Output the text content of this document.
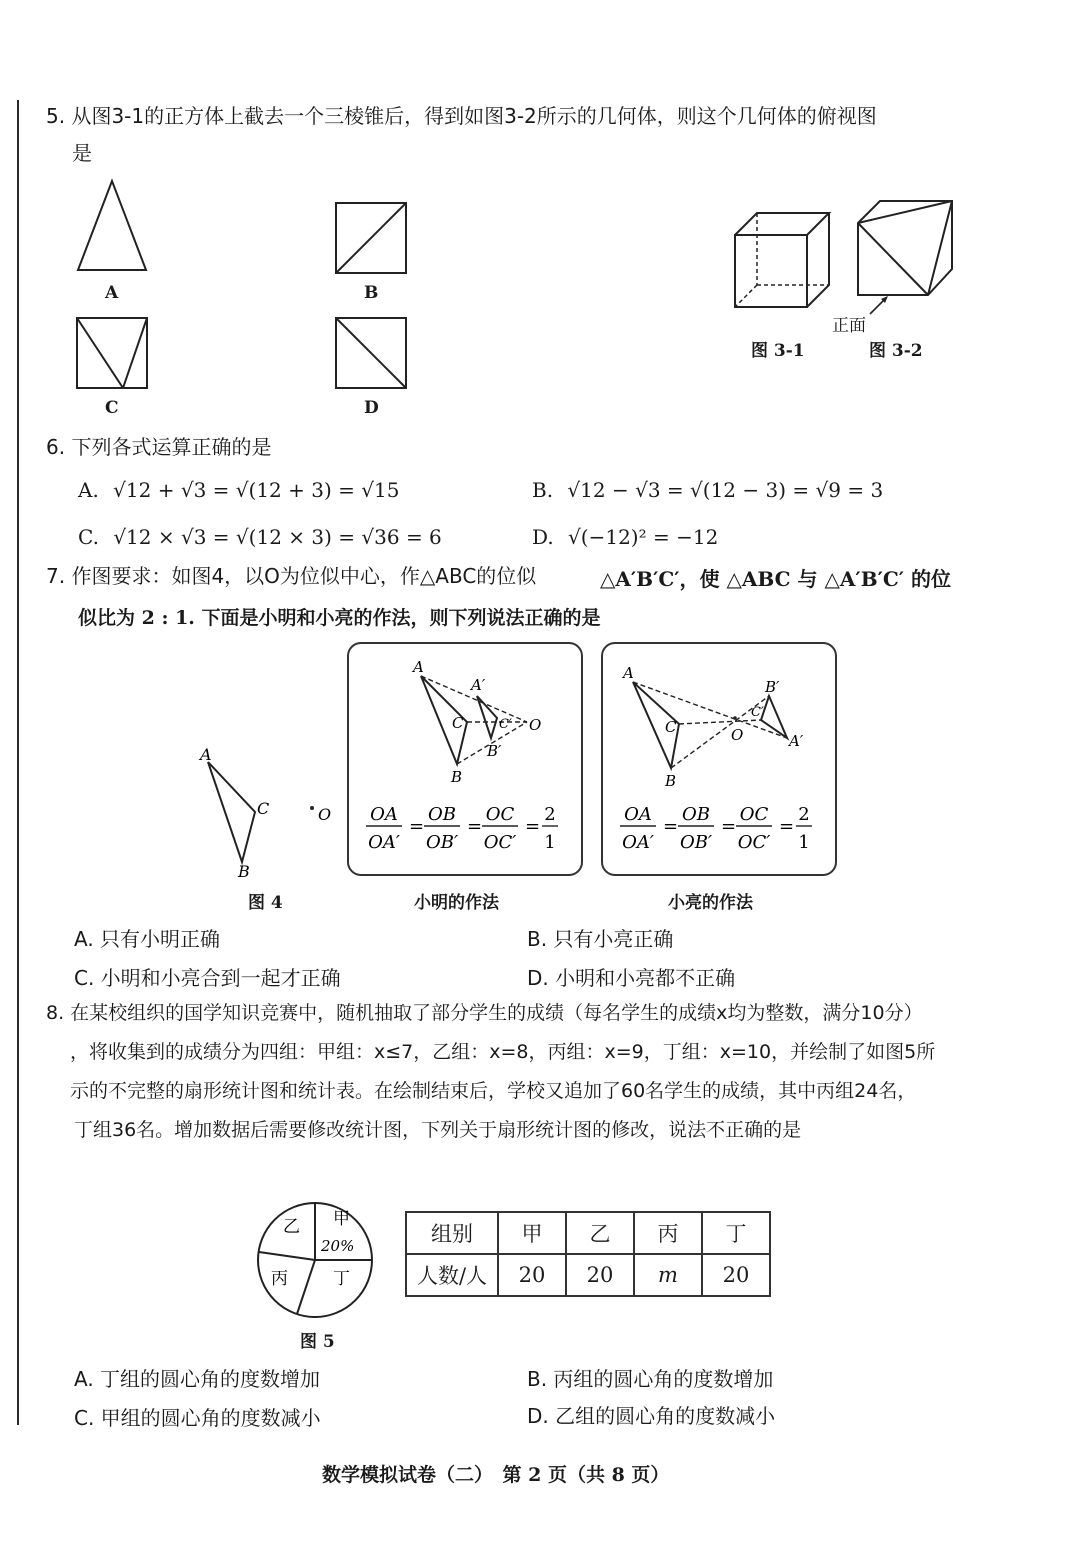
5. 从图3-1的正方体上截去一个三棱锥后，得到如图3-2所示的几何体，则这个几何体的俯视图
是
A	B
C	D
图 3-1
正面
图 3-2
6. 下列各式运算正确的是
A. √12 + √3 = √(12 + 3) = √15	B. √12 − √3 = √(12 − 3) = √9 = 3
C. √12 × √3 = √(12 × 3) = √36 = 6	D. √(−12)² = −12
7. 作图要求：如图4，以O为位似中心，作△ABC的位似	△A′B′C′，使 △ABC 与 △A′B′C′ 的位
似比为 2 : 1. 下面是小明和小亮的作法，则下列说法正确的是
A
C
B
O
图 4
A
C
B
A′
C′
B′
O
OA
OA′
=
OB
OB′
=
OC
OC′
=
2
1
小明的作法
A
C
B
O
B′
C′
A′
OA
OA′
=
OB
OB′
=
OC
OC′
=
2
1
小亮的作法
A. 只有小明正确	B. 只有小亮正确
C. 小明和小亮合到一起才正确	D. 小明和小亮都不正确
8. 在某校组织的国学知识竞赛中，随机抽取了部分学生的成绩（每名学生的成绩x均为整数，满分10分）
，将收集到的成绩分为四组：甲组：x≤7，乙组：x=8，丙组：x=9，丁组：x=10，并绘制了如图5所
示的不完整的扇形统计图和统计表。在绘制结束后，学校又追加了60名学生的成绩，其中丙组24名，
丁组36名。增加数据后需要修改统计图，下列关于扇形统计图的修改，说法不正确的是
乙 甲
20%
丙	丁
图 5
组别	甲	乙	丙	丁
人数/人	20	20	m	20
A. 丁组的圆心角的度数增加	B. 丙组的圆心角的度数增加
C. 甲组的圆心角的度数减小	D. 乙组的圆心角的度数减小
数学模拟试卷（二）　第 2 页（共 8 页）
